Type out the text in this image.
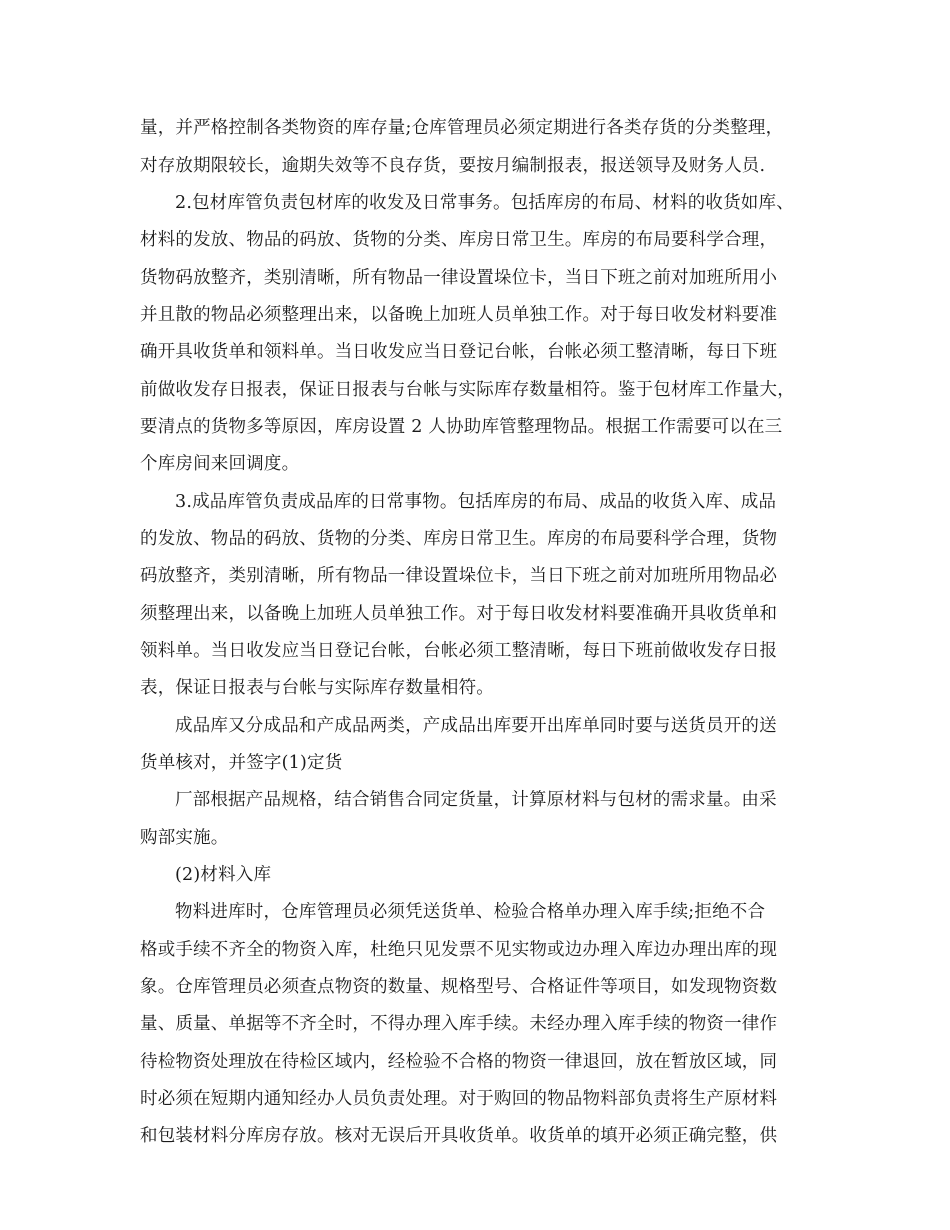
量，并严格控制各类物资的库存量;仓库管理员必须定期进行各类存货的分类整理，
对存放期限较长，逾期失效等不良存货，要按月编制报表，报送领导及财务人员.
2.包材库管负责包材库的收发及日常事务。包括库房的布局、材料的收货如库、
材料的发放、物品的码放、货物的分类、库房日常卫生。库房的布局要科学合理，
货物码放整齐，类别清晰，所有物品一律设置垛位卡，当日下班之前对加班所用小
并且散的物品必须整理出来，以备晚上加班人员单独工作。对于每日收发材料要准
确开具收货单和领料单。当日收发应当日登记台帐，台帐必须工整清晰，每日下班
前做收发存日报表，保证日报表与台帐与实际库存数量相符。鉴于包材库工作量大，
要清点的货物多等原因，库房设置 2 人协助库管整理物品。根据工作需要可以在三
个库房间来回调度。
3.成品库管负责成品库的日常事物。包括库房的布局、成品的收货入库、成品
的发放、物品的码放、货物的分类、库房日常卫生。库房的布局要科学合理，货物
码放整齐，类别清晰，所有物品一律设置垛位卡，当日下班之前对加班所用物品必
须整理出来，以备晚上加班人员单独工作。对于每日收发材料要准确开具收货单和
领料单。当日收发应当日登记台帐，台帐必须工整清晰，每日下班前做收发存日报
表，保证日报表与台帐与实际库存数量相符。
成品库又分成品和产成品两类，产成品出库要开出库单同时要与送货员开的送
货单核对，并签字(1)定货
厂部根据产品规格，结合销售合同定货量，计算原材料与包材的需求量。由采
购部实施。
(2)材料入库
物料进库时，仓库管理员必须凭送货单、检验合格单办理入库手续;拒绝不合
格或手续不齐全的物资入库，杜绝只见发票不见实物或边办理入库边办理出库的现
象。仓库管理员必须查点物资的数量、规格型号、合格证件等项目，如发现物资数
量、质量、单据等不齐全时，不得办理入库手续。未经办理入库手续的物资一律作
待检物资处理放在待检区域内，经检验不合格的物资一律退回，放在暂放区域，同
时必须在短期内通知经办人员负责处理。对于购回的物品物料部负责将生产原材料
和包装材料分库房存放。核对无误后开具收货单。收货单的填开必须正确完整，供
